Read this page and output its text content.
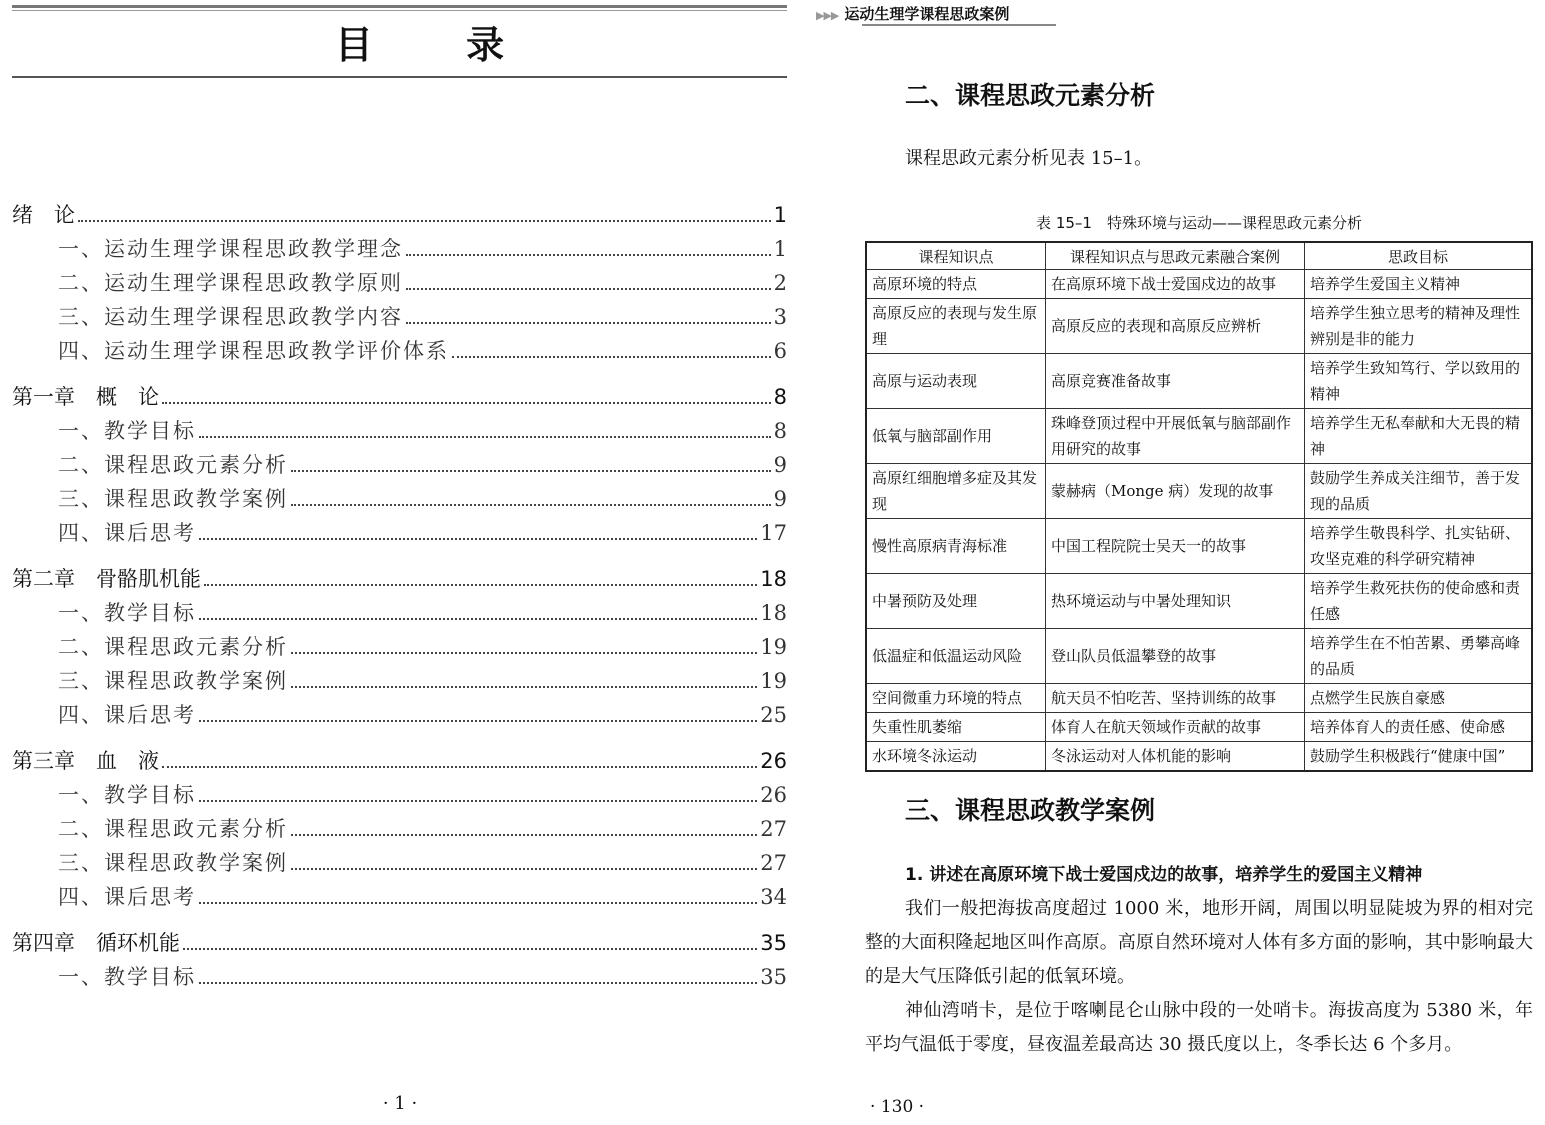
目 录
绪　论	1
一、运动生理学课程思政教学理念	1
二、运动生理学课程思政教学原则	2
三、运动生理学课程思政教学内容	3
四、运动生理学课程思政教学评价体系	6
第一章　概　论	8
一、教学目标	8
二、课程思政元素分析	9
三、课程思政教学案例	9
四、课后思考	17
第二章　骨骼肌机能	18
一、教学目标	18
二、课程思政元素分析	19
三、课程思政教学案例	19
四、课后思考	25
第三章　血　液	26
一、教学目标	26
二、课程思政元素分析	27
三、课程思政教学案例	27
四、课后思考	34
第四章　循环机能	35
一、教学目标	35
· 1 ·
▶▶▶ 运动生理学课程思政案例
二、课程思政元素分析
课程思政元素分析见表 15–1。
表 15–1　特殊环境与运动——课程思政元素分析
课程知识点	课程知识点与思政元素融合案例	思政目标
高原环境的特点	在高原环境下战士爱国戍边的故事	培养学生爱国主义精神
高原反应的表现与发生原理	高原反应的表现和高原反应辨析	培养学生独立思考的精神及理性辨别是非的能力
高原与运动表现	高原竞赛准备故事	培养学生致知笃行、学以致用的精神
低氧与脑部副作用	珠峰登顶过程中开展低氧与脑部副作用研究的故事	培养学生无私奉献和大无畏的精神
高原红细胞增多症及其发现	蒙赫病（Monge 病）发现的故事	鼓励学生养成关注细节，善于发现的品质
慢性高原病青海标准	中国工程院院士吴天一的故事	培养学生敬畏科学、扎实钻研、攻坚克难的科学研究精神
中暑预防及处理	热环境运动与中暑处理知识	培养学生救死扶伤的使命感和责任感
低温症和低温运动风险	登山队员低温攀登的故事	培养学生在不怕苦累、勇攀高峰的品质
空间微重力环境的特点	航天员不怕吃苦、坚持训练的故事	点燃学生民族自豪感
失重性肌萎缩	体育人在航天领域作贡献的故事	培养体育人的责任感、使命感
水环境冬泳运动	冬泳运动对人体机能的影响	鼓励学生积极践行“健康中国”
三、课程思政教学案例
1. 讲述在高原环境下战士爱国戍边的故事，培养学生的爱国主义精神
我们一般把海拔高度超过 1000 米，地形开阔，周围以明显陡坡为界的相对完整的大面积隆起地区叫作高原。高原自然环境对人体有多方面的影响，其中影响最大的是大气压降低引起的低氧环境。
神仙湾哨卡，是位于喀喇昆仑山脉中段的一处哨卡。海拔高度为 5380 米，年平均气温低于零度，昼夜温差最高达 30 摄氏度以上，冬季长达 6 个多月。
· 130 ·
